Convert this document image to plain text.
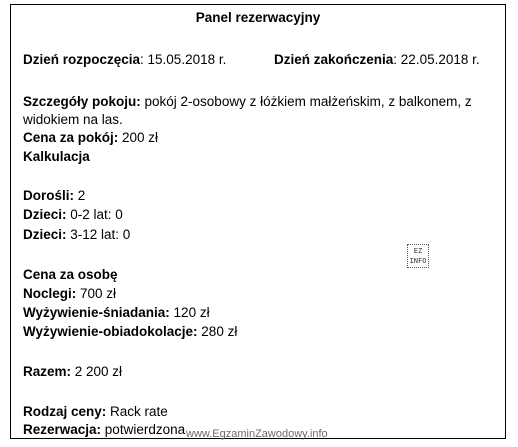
Panel rezerwacyjny
Dzień rozpoczęcia: 15.05.2018 r.	Dzień zakończenia: 22.05.2018 r.
Szczegóły pokoju: pokój 2-osobowy z łóżkiem małżeńskim, z balkonem, z widokiem na las.
Cena za pokój: 200 zł
Kalkulacja
Dorośli: 2
Dzieci: 0-2 lat: 0
Dzieci: 3-12 lat: 0
Cena za osobę
Noclegi: 700 zł
Wyżywienie-śniadania: 120 zł
Wyżywienie-obiadokolacje: 280 zł
Razem: 2 200 zł
Rodzaj ceny: Rack rate
Rezerwacja: potwierdzona
EZ
INFO
www.EgzaminZawodowy.info
